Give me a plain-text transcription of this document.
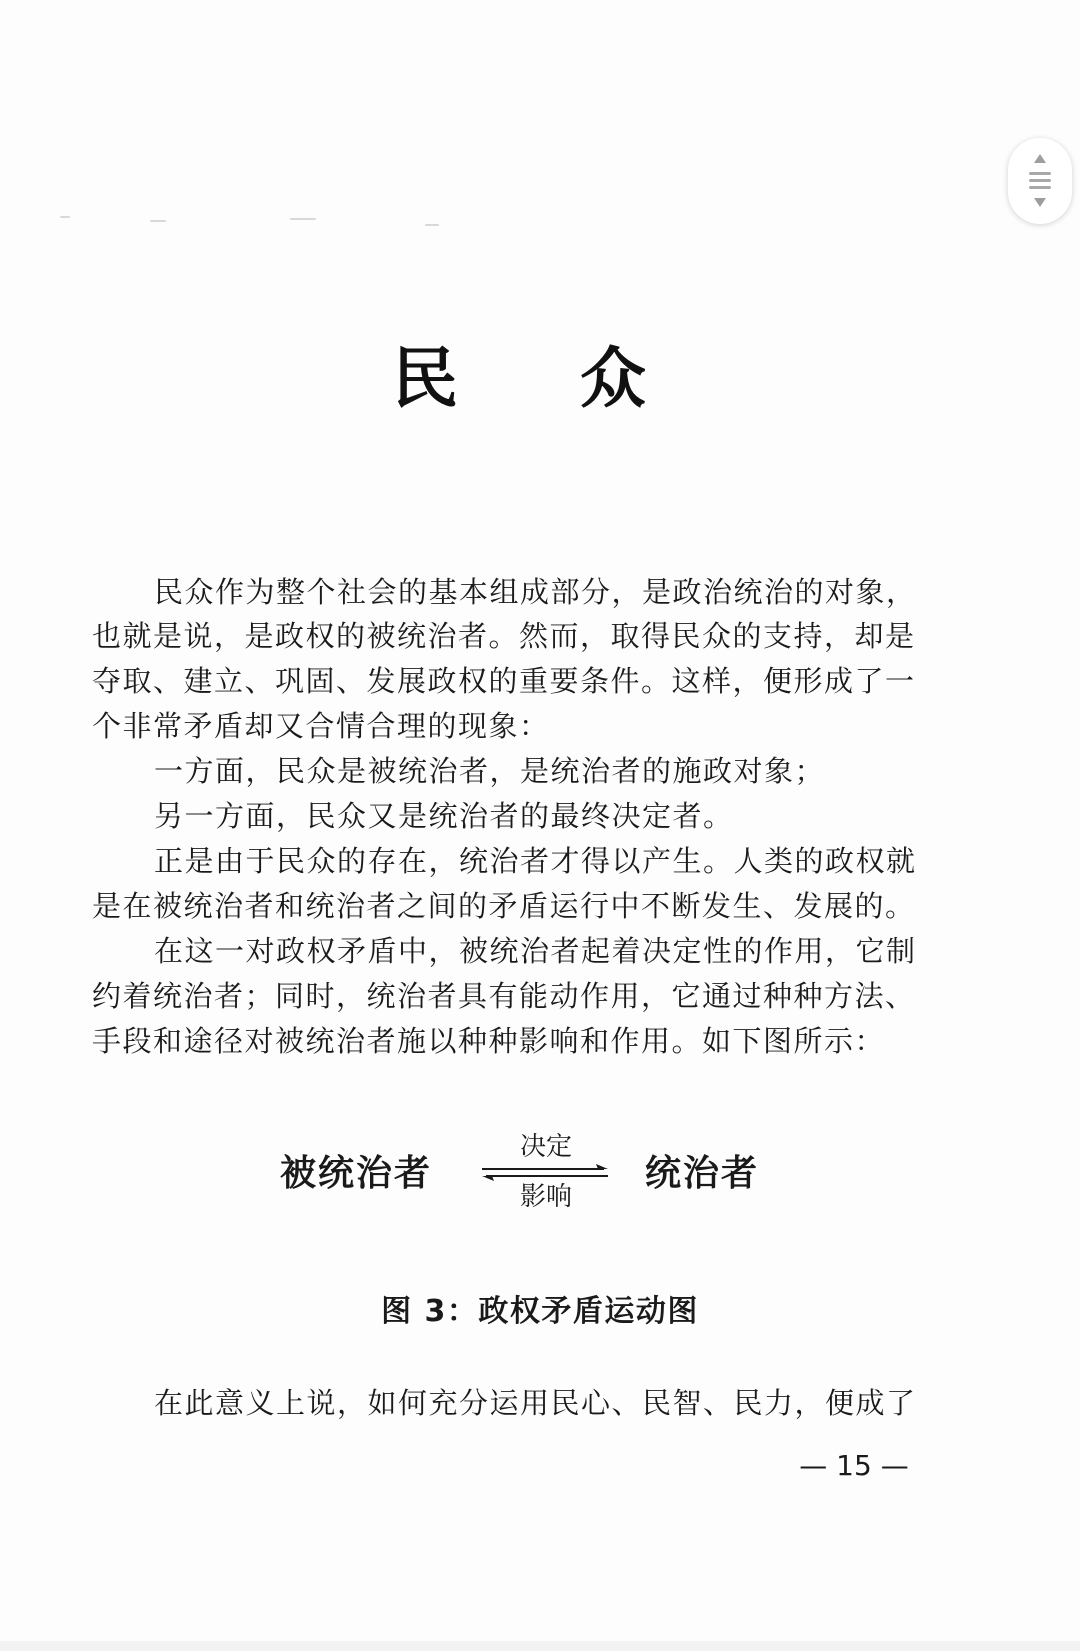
民 众
民众作为整个社会的基本组成部分，是政治统治的对象，
也就是说，是政权的被统治者。然而，取得民众的支持，却是
夺取、建立、巩固、发展政权的重要条件。这样，便形成了一
个非常矛盾却又合情合理的现象：
一方面，民众是被统治者，是统治者的施政对象；
另一方面，民众又是统治者的最终决定者。
正是由于民众的存在，统治者才得以产生。人类的政权就
是在被统治者和统治者之间的矛盾运行中不断发生、发展的。
在这一对政权矛盾中，被统治者起着决定性的作用，它制
约着统治者；同时，统治者具有能动作用，它通过种种方法、
手段和途径对被统治者施以种种影响和作用。如下图所示：
被统治者
决定
影响
统治者
图 3：政权矛盾运动图
在此意义上说，如何充分运用民心、民智、民力，便成了
— 15 —
